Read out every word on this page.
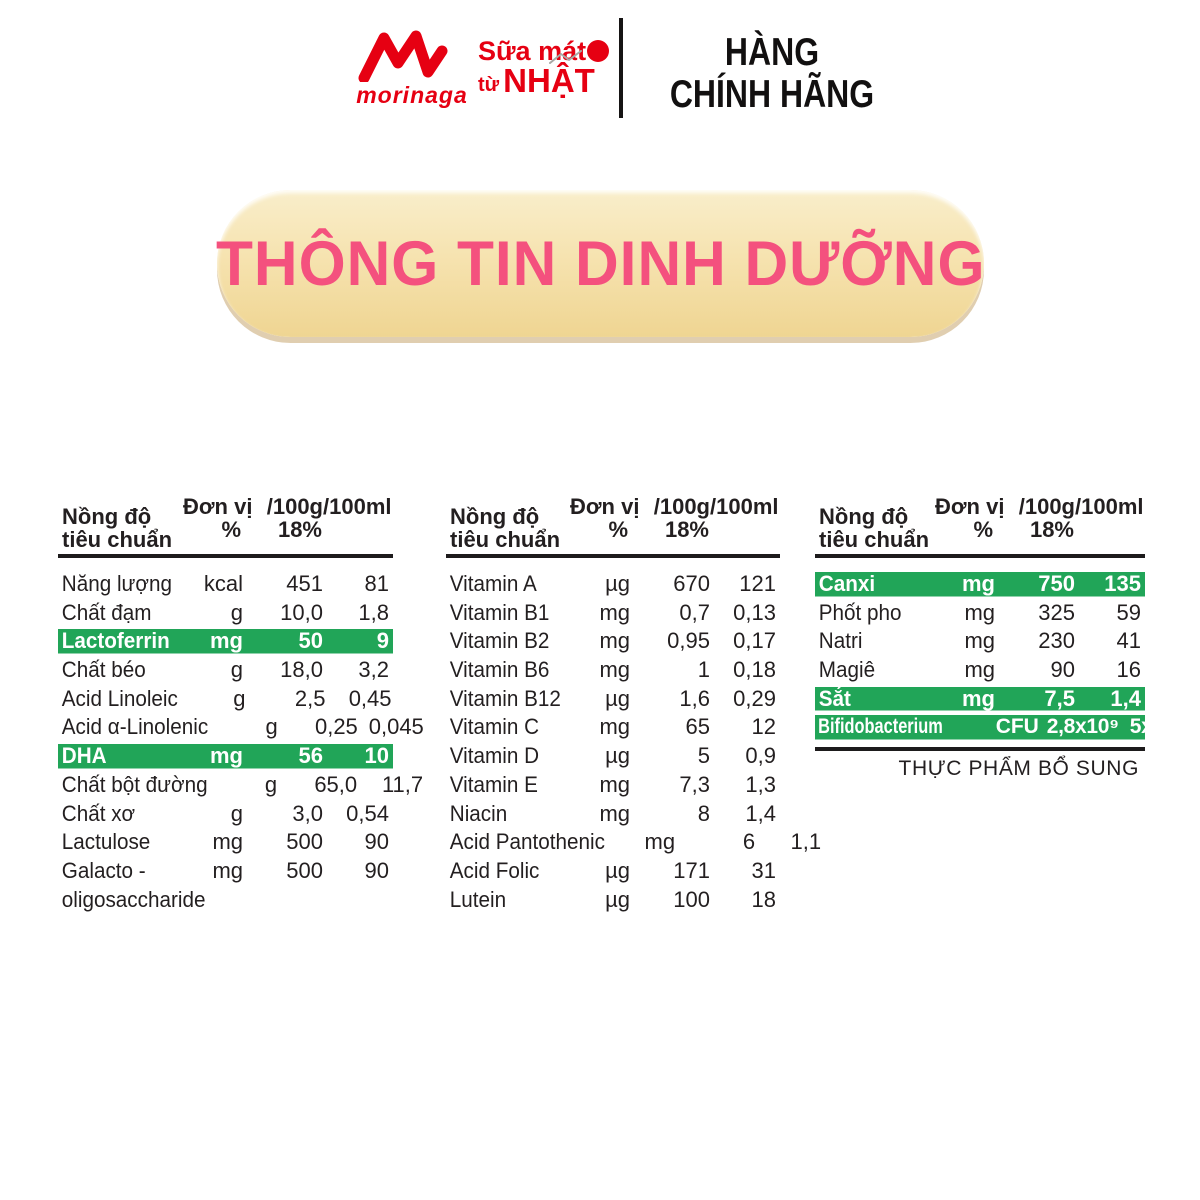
morinaga
Sữa mát
từ NHẬT
HÀNG
CHÍNH HÃNG
THÔNG TIN DINH DƯỠNG
Nồng độ
tiêu chuẩn
Đơn vị
%
/100g
18%
/100ml
Năng lượng	kcal	451	81
Chất đạm	g	10,0	1,8
Lactoferrin	mg	50	9
Chất béo	g	18,0	3,2
Acid Linoleic	g	2,5	0,45
Acid α-Linolenic	g	0,25 0,045
DHA	mg	56	10
Chất bột đường	g	65,0	11,7
Chất xơ	g	3,0	0,54
Lactulose	mg	500	90
Galacto -	mg	500	90
oligosaccharide
Nồng độ
tiêu chuẩn
Đơn vị
%
/100g
18%
/100ml
Vitamin A	µg	670	121
Vitamin B1	mg	0,7	0,13
Vitamin B2	mg	0,95	0,17
Vitamin B6	mg	1	0,18
Vitamin B12	µg	1,6	0,29
Vitamin C	mg	65	12
Vitamin D	µg	5	0,9
Vitamin E	mg	7,3	1,3
Niacin	mg	8	1,4
Acid Pantothenic	mg	6	1,1
Acid Folic	µg	171	31
Lutein	µg	100	18
Nồng độ
tiêu chuẩn
Đơn vị
%
/100g
18%
/100ml
Canxi	mg	750	135
Phốt pho	mg	325	59
Natri	mg	230	41
Magiê	mg	90	16
Sắt	mg	7,5	1,4
Bifidobacterium	CFU 2,8x10⁹ 5x10⁸
THỰC PHẨM BỔ SUNG
